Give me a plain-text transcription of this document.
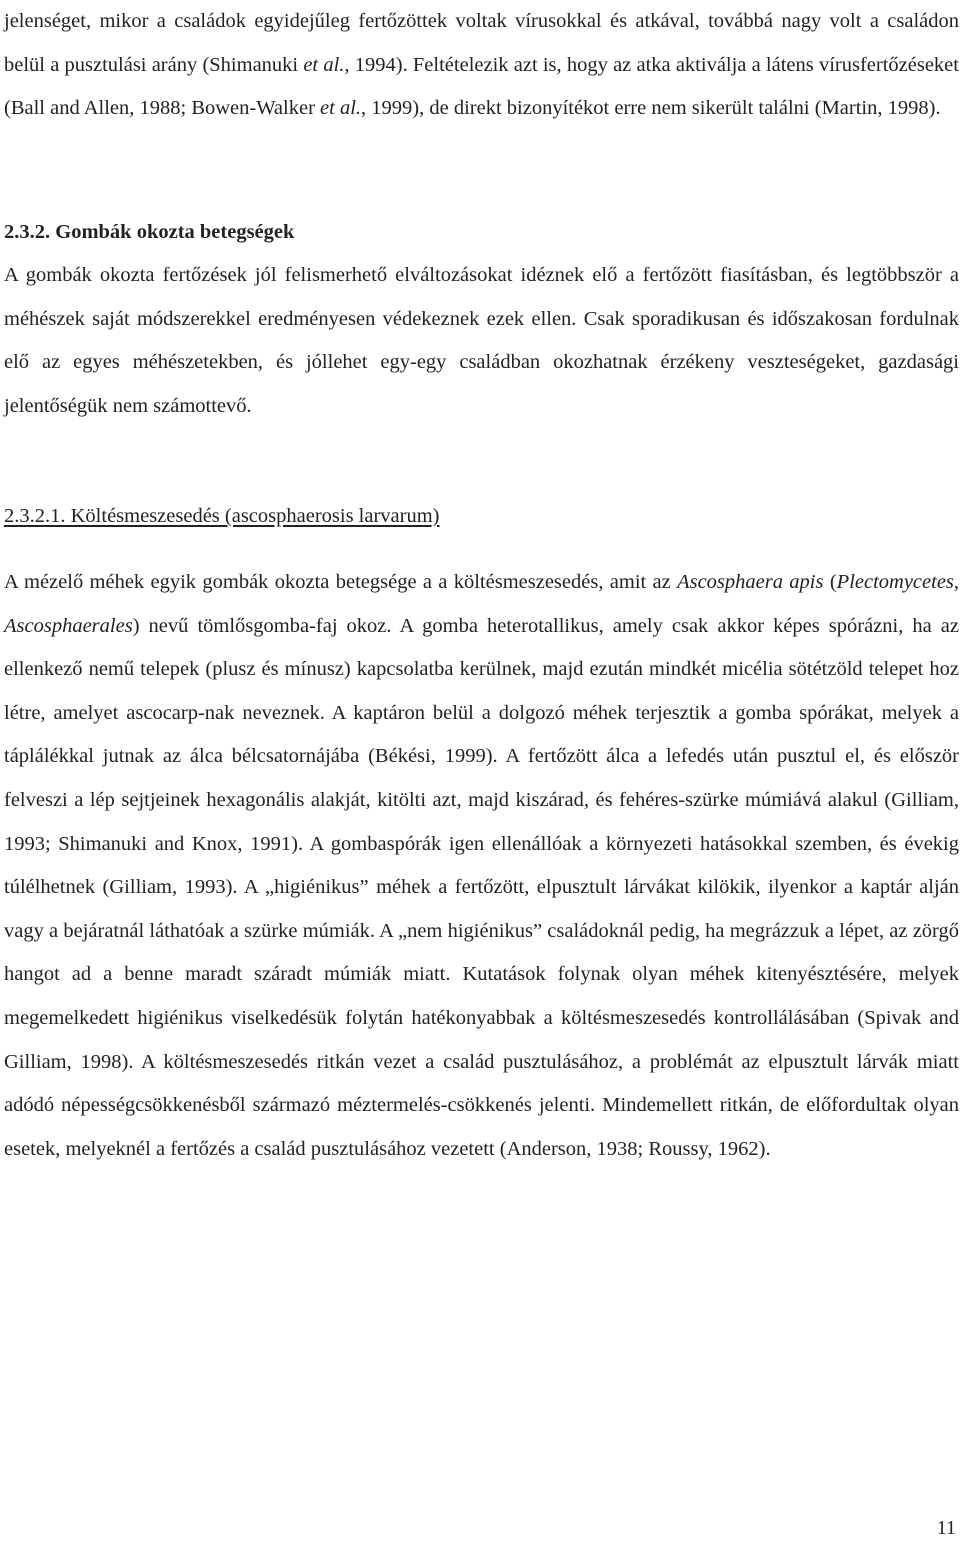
jelenséget, mikor a családok egyidejűleg fertőzöttek voltak vírusokkal és atkával, továbbá nagy volt a családon belül a pusztulási arány (Shimanuki et al., 1994). Feltételezik azt is, hogy az atka aktiválja a látens vírusfertőzéseket (Ball and Allen, 1988; Bowen-Walker et al., 1999), de direkt bizonyítékot erre nem sikerült találni (Martin, 1998).

2.3.2. Gombák okozta betegségek

A gombák okozta fertőzések jól felismerhető elváltozásokat idéznek elő a fertőzött fiasításban, és legtöbbször a méhészek saját módszerekkel eredményesen védekeznek ezek ellen. Csak sporadikusan és időszakosan fordulnak elő az egyes méhészetekben, és jóllehet egy-egy családban okozhatnak érzékeny veszteségeket, gazdasági jelentőségük nem számottevő.

2.3.2.1. Költésmeszesedés (ascosphaerosis larvarum)

A mézelő méhek egyik gombák okozta betegsége a a költésmeszesedés, amit az Ascosphaera apis (Plectomycetes, Ascosphaerales) nevű tömlősgomba-faj okoz. A gomba heterotallikus, amely csak akkor képes spórázni, ha az ellenkező nemű telepek (plusz és mínusz) kapcsolatba kerülnek, majd ezután mindkét micélia sötétzöld telepet hoz létre, amelyet ascocarp-nak neveznek. A kaptáron belül a dolgozó méhek terjesztik a gomba spórákat, melyek a táplálékkal jutnak az álca bélcsatornájába (Békési, 1999). A fertőzött álca a lefedés után pusztul el, és először felveszi a lép sejtjeinek hexagonális alakját, kitölti azt, majd kiszárad, és fehéres-szürke múmiává alakul (Gilliam, 1993; Shimanuki and Knox, 1991). A gombaspórák igen ellenállóak a környezeti hatásokkal szemben, és évekig túlélhetnek (Gilliam, 1993). A „higiénikus” méhek a fertőzött, elpusztult lárvákat kilökik, ilyenkor a kaptár alján vagy a bejáratnál láthatóak a szürke múmiák. A „nem higiénikus” családoknál pedig, ha megrázzuk a lépet, az zörgő hangot ad a benne maradt száradt múmiák miatt. Kutatások folynak olyan méhek kitenyésztésére, melyek megemelkedett higiénikus viselkedésük folytán hatékonyabbak a költésmeszesedés kontrollálásában (Spivak and Gilliam, 1998). A költésmeszesedés ritkán vezet a család pusztulásához, a problémát az elpusztult lárvák miatt adódó népességcsökkenésből származó méztermelés-csökkenés jelenti. Mindemellett ritkán, de előfordultak olyan esetek, melyeknél a fertőzés a család pusztulásához vezetett (Anderson, 1938; Roussy, 1962).

11
